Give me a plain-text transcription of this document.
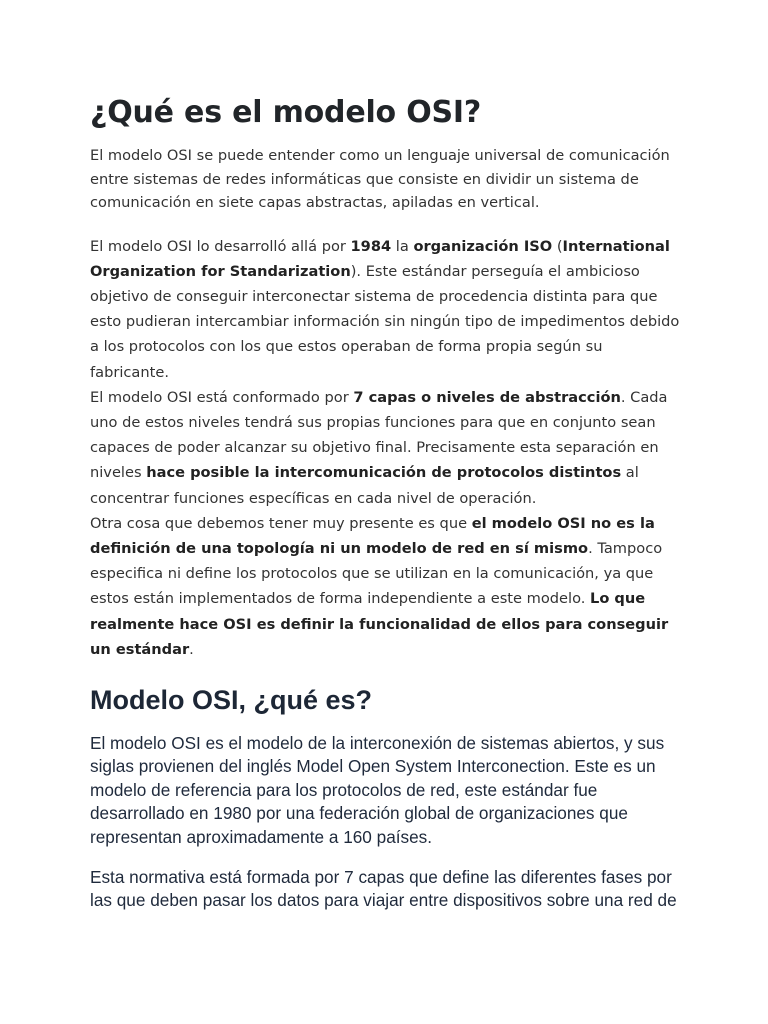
¿Qué es el modelo OSI?

El modelo OSI se puede entender como un lenguaje universal de comunicación entre sistemas de redes informáticas que consiste en dividir un sistema de comunicación en siete capas abstractas, apiladas en vertical.

El modelo OSI lo desarrolló allá por 1984 la organización ISO (International Organization for Standarization). Este estándar perseguía el ambicioso objetivo de conseguir interconectar sistema de procedencia distinta para que esto pudieran intercambiar información sin ningún tipo de impedimentos debido a los protocolos con los que estos operaban de forma propia según su fabricante.
El modelo OSI está conformado por 7 capas o niveles de abstracción. Cada uno de estos niveles tendrá sus propias funciones para que en conjunto sean capaces de poder alcanzar su objetivo final. Precisamente esta separación en niveles hace posible la intercomunicación de protocolos distintos al concentrar funciones específicas en cada nivel de operación.
Otra cosa que debemos tener muy presente es que el modelo OSI no es la definición de una topología ni un modelo de red en sí mismo. Tampoco especifica ni define los protocolos que se utilizan en la comunicación, ya que estos están implementados de forma independiente a este modelo. Lo que realmente hace OSI es definir la funcionalidad de ellos para conseguir un estándar.

Modelo OSI, ¿qué es?

El modelo OSI es el modelo de la interconexión de sistemas abiertos, y sus siglas provienen del inglés Model Open System Interconection. Este es un modelo de referencia para los protocolos de red, este estándar fue desarrollado en 1980 por una federación global de organizaciones que representan aproximadamente a 160 países.

Esta normativa está formada por 7 capas que define las diferentes fases por las que deben pasar los datos para viajar entre dispositivos sobre una red de
